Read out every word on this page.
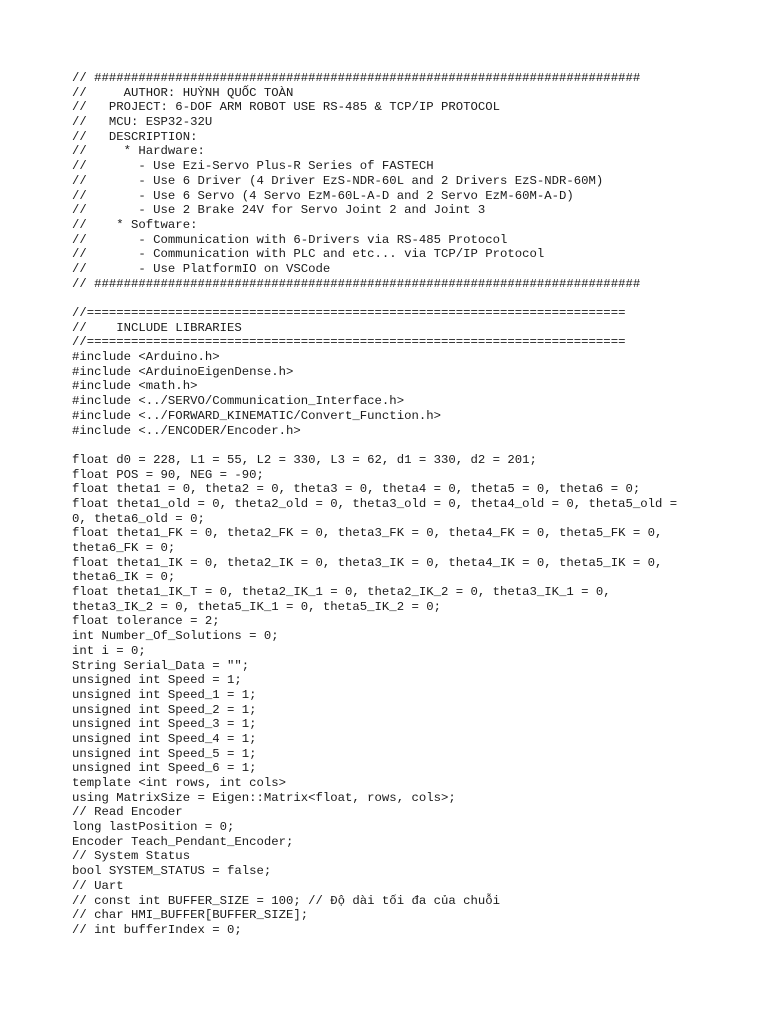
// ##########################################################################
//     AUTHOR: HUỲNH QUỐC TOÀN
//   PROJECT: 6-DOF ARM ROBOT USE RS-485 & TCP/IP PROTOCOL
//   MCU: ESP32-32U
//   DESCRIPTION:
//     * Hardware:
//       - Use Ezi-Servo Plus-R Series of FASTECH
//       - Use 6 Driver (4 Driver EzS-NDR-60L and 2 Drivers EzS-NDR-60M)
//       - Use 6 Servo (4 Servo EzM-60L-A-D and 2 Servo EzM-60M-A-D)
//       - Use 2 Brake 24V for Servo Joint 2 and Joint 3
//    * Software:
//       - Communication with 6-Drivers via RS-485 Protocol
//       - Communication with PLC and etc... via TCP/IP Protocol
//       - Use PlatformIO on VSCode
// ##########################################################################
//=========================================================================
//    INCLUDE LIBRARIES
//=========================================================================
#include <Arduino.h>
#include <ArduinoEigenDense.h>
#include <math.h>
#include <../SERVO/Communication_Interface.h>
#include <../FORWARD_KINEMATIC/Convert_Function.h>
#include <../ENCODER/Encoder.h>
float d0 = 228, L1 = 55, L2 = 330, L3 = 62, d1 = 330, d2 = 201;
float POS = 90, NEG = -90;
float theta1 = 0, theta2 = 0, theta3 = 0, theta4 = 0, theta5 = 0, theta6 = 0;
float theta1_old = 0, theta2_old = 0, theta3_old = 0, theta4_old = 0, theta5_old =
0, theta6_old = 0;
float theta1_FK = 0, theta2_FK = 0, theta3_FK = 0, theta4_FK = 0, theta5_FK = 0,
theta6_FK = 0;
float theta1_IK = 0, theta2_IK = 0, theta3_IK = 0, theta4_IK = 0, theta5_IK = 0,
theta6_IK = 0;
float theta1_IK_T = 0, theta2_IK_1 = 0, theta2_IK_2 = 0, theta3_IK_1 = 0,
theta3_IK_2 = 0, theta5_IK_1 = 0, theta5_IK_2 = 0;
float tolerance = 2;
int Number_Of_Solutions = 0;
int i = 0;
String Serial_Data = "";
unsigned int Speed = 1;
unsigned int Speed_1 = 1;
unsigned int Speed_2 = 1;
unsigned int Speed_3 = 1;
unsigned int Speed_4 = 1;
unsigned int Speed_5 = 1;
unsigned int Speed_6 = 1;
template <int rows, int cols>
using MatrixSize = Eigen::Matrix<float, rows, cols>;
// Read Encoder
long lastPosition = 0;
Encoder Teach_Pendant_Encoder;
// System Status
bool SYSTEM_STATUS = false;
// Uart
// const int BUFFER_SIZE = 100; // Độ dài tối đa của chuỗi
// char HMI_BUFFER[BUFFER_SIZE];
// int bufferIndex = 0;
